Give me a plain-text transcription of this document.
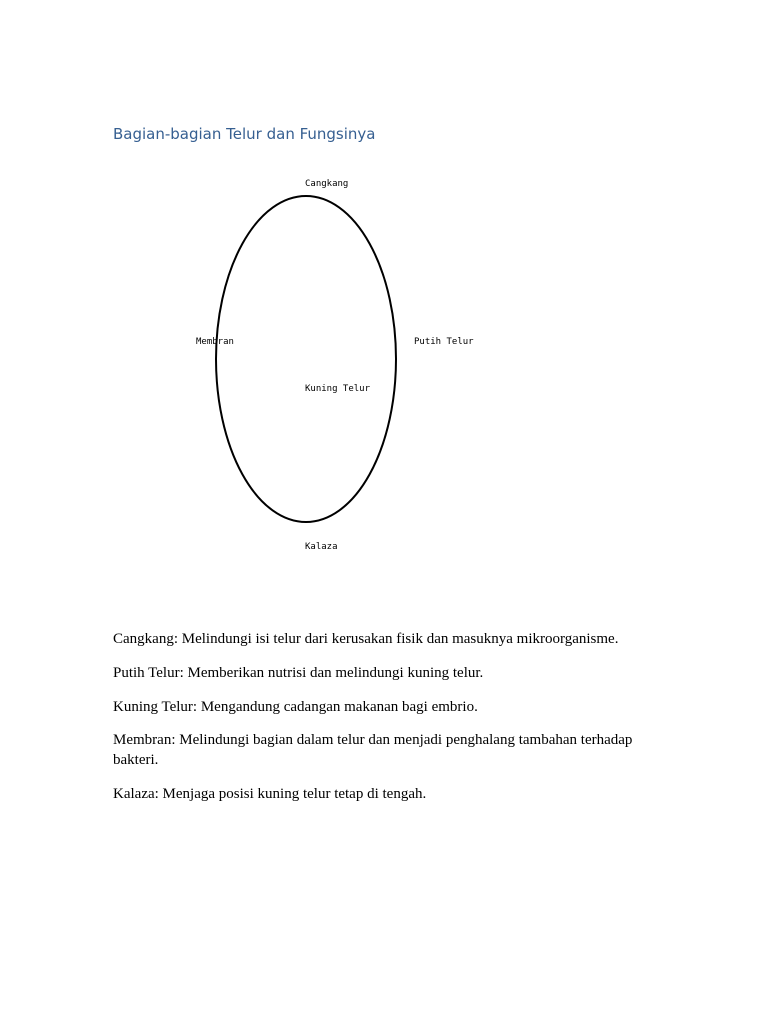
Bagian-bagian Telur dan Fungsinya
Cangkang
Membran	Putih Telur
Kuning Telur
Kalaza

Cangkang: Melindungi isi telur dari kerusakan fisik dan masuknya mikroorganisme.

Putih Telur: Memberikan nutrisi dan melindungi kuning telur.

Kuning Telur: Mengandung cadangan makanan bagi embrio.

Membran: Melindungi bagian dalam telur dan menjadi penghalang tambahan terhadap bakteri.

Kalaza: Menjaga posisi kuning telur tetap di tengah.
